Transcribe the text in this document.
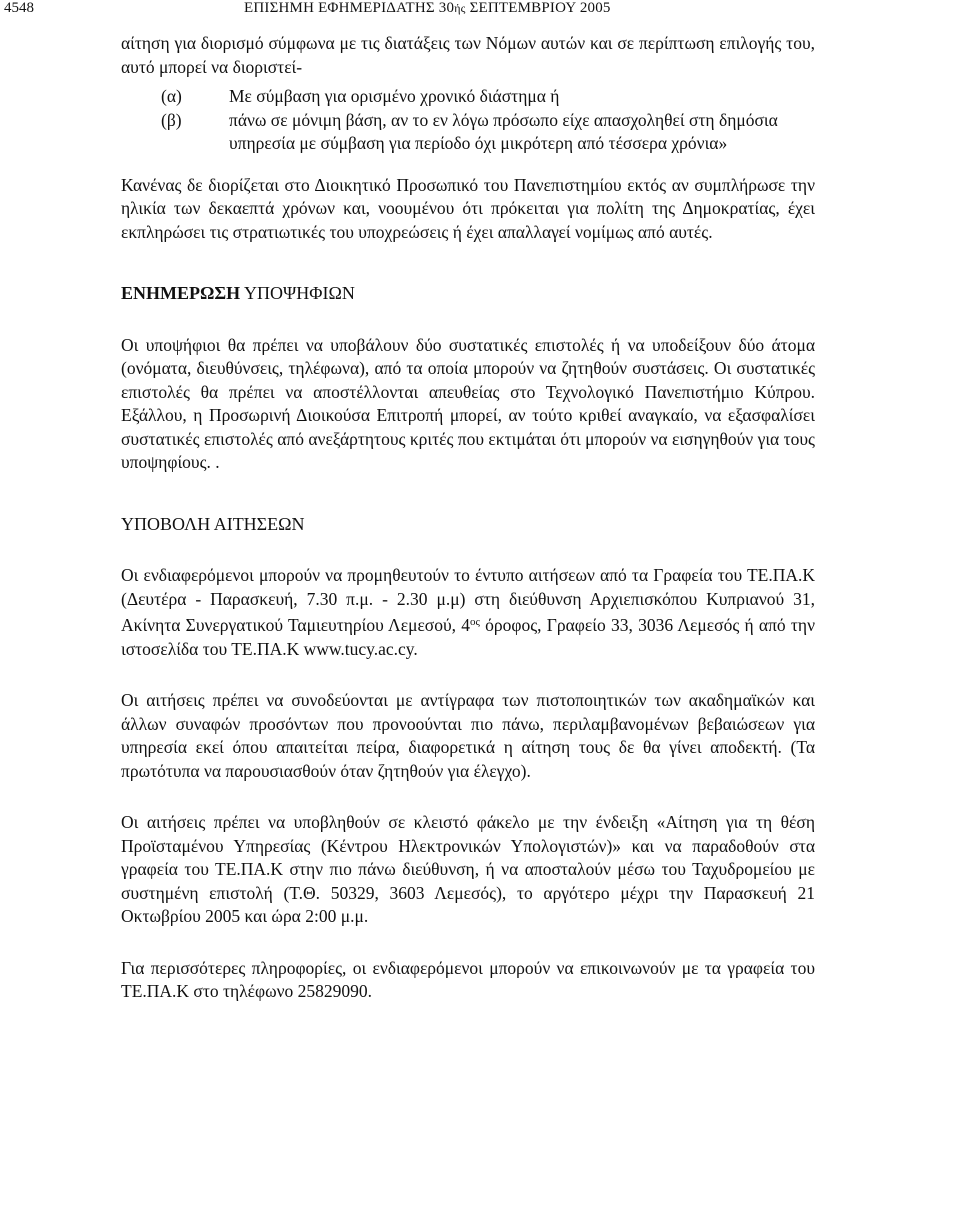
4548	ΕΠΙΣΗΜΗ ΕΦΗΜΕΡΙΔΑΤΗΣ 30ής ΣΕΠΤΕΜΒΡΙΟΥ 2005

αίτηση για διορισμό σύμφωνα με τις διατάξεις των Νόμων αυτών και σε περίπτωση επιλογής του, αυτό μπορεί να διοριστεί-

(α)	Με σύμβαση για ορισμένο χρονικό διάστημα ή
(β)	πάνω σε μόνιμη βάση, αν το εν λόγω πρόσωπο είχε απασχοληθεί στη δημόσια υπηρεσία με σύμβαση για περίοδο όχι μικρότερη από τέσσερα χρόνια»

Κανένας δε διορίζεται στο Διοικητικό Προσωπικό του Πανεπιστημίου εκτός αν συμπλήρωσε την ηλικία των δεκαεπτά χρόνων και, νοουμένου ότι πρόκειται για πολίτη της Δημοκρατίας, έχει εκπληρώσει τις στρατιωτικές του υποχρεώσεις ή έχει απαλλαγεί νομίμως από αυτές.

ΕΝΗΜΕΡΩΣΗ ΥΠΟΨΗΦΙΩΝ

Οι υποψήφιοι θα πρέπει να υποβάλουν δύο συστατικές επιστολές ή να υποδείξουν δύο άτομα (ονόματα, διευθύνσεις, τηλέφωνα), από τα οποία μπορούν να ζητηθούν συστάσεις. Οι συστατικές επιστολές θα πρέπει να αποστέλλονται απευθείας στο Τεχνολογικό Πανεπιστήμιο Κύπρου. Εξάλλου, η Προσωρινή Διοικούσα Επιτροπή μπορεί, αν τούτο κριθεί αναγκαίο, να εξασφαλίσει συστατικές επιστολές από ανεξάρτητους κριτές που εκτιμάται ότι μπορούν να εισηγηθούν για τους υποψηφίους. .

ΥΠΟΒΟΛΗ ΑΙΤΗΣΕΩΝ

Οι ενδιαφερόμενοι μπορούν να προμηθευτούν το έντυπο αιτήσεων από τα Γραφεία του ΤΕ.ΠΑ.Κ (Δευτέρα - Παρασκευή, 7.30 π.μ. - 2.30 μ.μ) στη διεύθυνση Αρχιεπισκόπου Κυπριανού 31, Ακίνητα Συνεργατικού Ταμιευτηρίου Λεμεσού, $4^{o\varsigma}$ όροφος, Γραφείο 33, 3036 Λεμεσός ή από την ιστοσελίδα του ΤΕ.ΠΑ.Κ www.tucy.ac.cy.

Οι αιτήσεις πρέπει να συνοδεύονται με αντίγραφα των πιστοποιητικών των ακαδημαϊκών και άλλων συναφών προσόντων που προνοούνται πιο πάνω, περιλαμβανομένων βεβαιώσεων για υπηρεσία εκεί όπου απαιτείται πείρα, διαφορετικά η αίτηση τους δε θα γίνει αποδεκτή. (Τα πρωτότυπα να παρουσιασθούν όταν ζητηθούν για έλεγχο).

Οι αιτήσεις πρέπει να υποβληθούν σε κλειστό φάκελο με την ένδειξη «Αίτηση για τη θέση Προϊσταμένου Υπηρεσίας (Κέντρου Ηλεκτρονικών Υπολογιστών)» και να παραδοθούν στα γραφεία του ΤΕ.ΠΑ.Κ στην πιο πάνω διεύθυνση, ή να αποσταλούν μέσω του Ταχυδρομείου με συστημένη επιστολή (Τ.Θ. 50329, 3603 Λεμεσός), το αργότερο μέχρι την Παρασκευή 21 Οκτωβρίου 2005 και ώρα 2:00 μ.μ.

Για περισσότερες πληροφορίες, οι ενδιαφερόμενοι μπορούν να επικοινωνούν με τα γραφεία του ΤΕ.ΠΑ.Κ στο τηλέφωνο 25829090.
